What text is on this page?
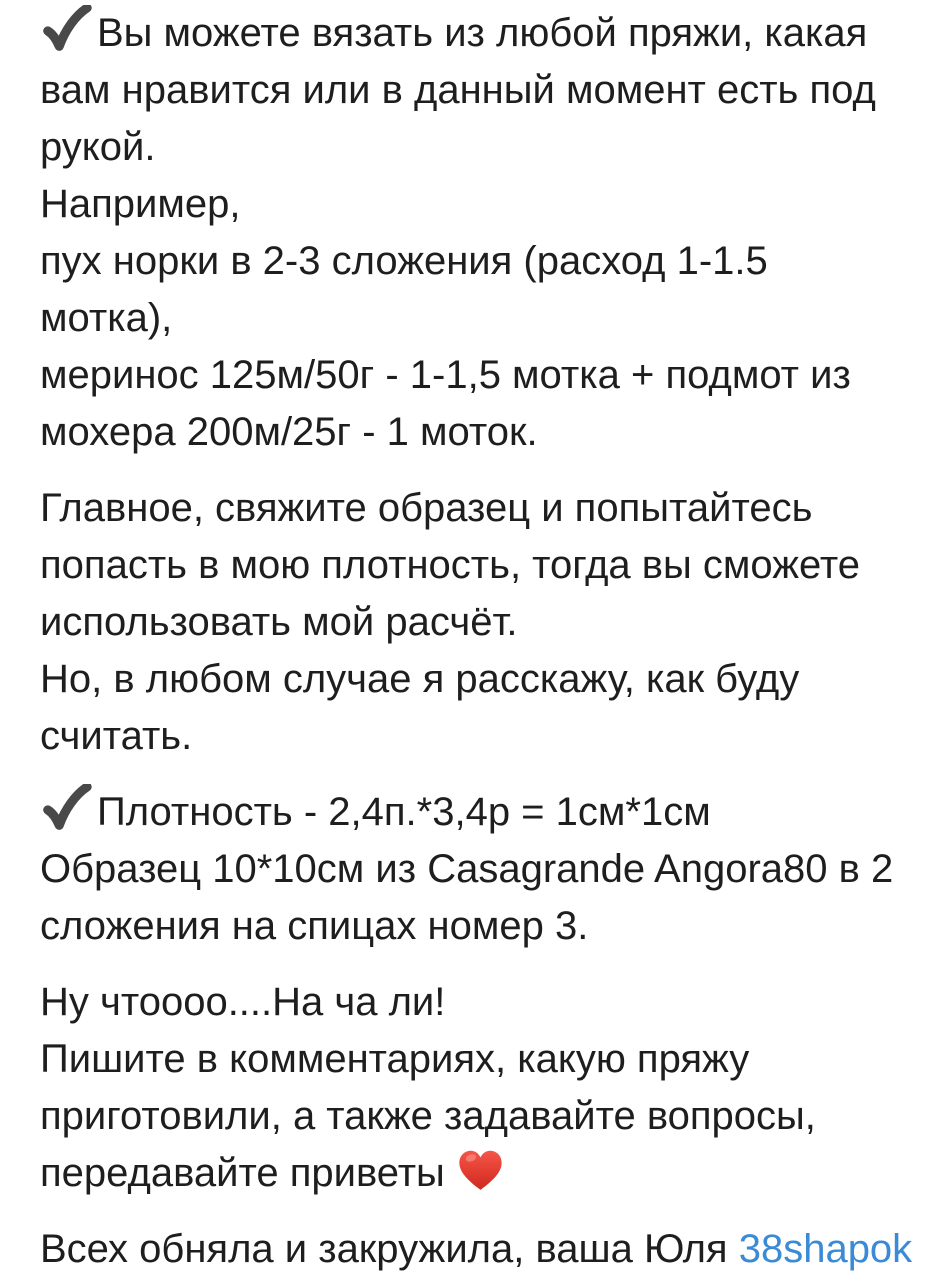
Вы можете вязать из любой пряжи, какая
вам нравится или в данный момент есть под
рукой.
Например,
пух норки в 2-3 сложения (расход 1-1.5
мотка),
меринос 125м/50г - 1-1,5 мотка + подмот из
мохера 200м/25г - 1 моток.
Главное, свяжите образец и попытайтесь
попасть в мою плотность, тогда вы сможете
использовать мой расчёт.
Но, в любом случае я расскажу, как буду
считать.
Плотность - 2,4п.*3,4р = 1см*1см
Образец 10*10см из Casagrande Angora80 в 2
сложения на спицах номер 3.
Ну чтоооо....На ча ли!
Пишите в комментариях, какую пряжу
приготовили, а также задавайте вопросы,
передавайте приветы
Всех обняла и закружила, ваша Юля 38shapok
